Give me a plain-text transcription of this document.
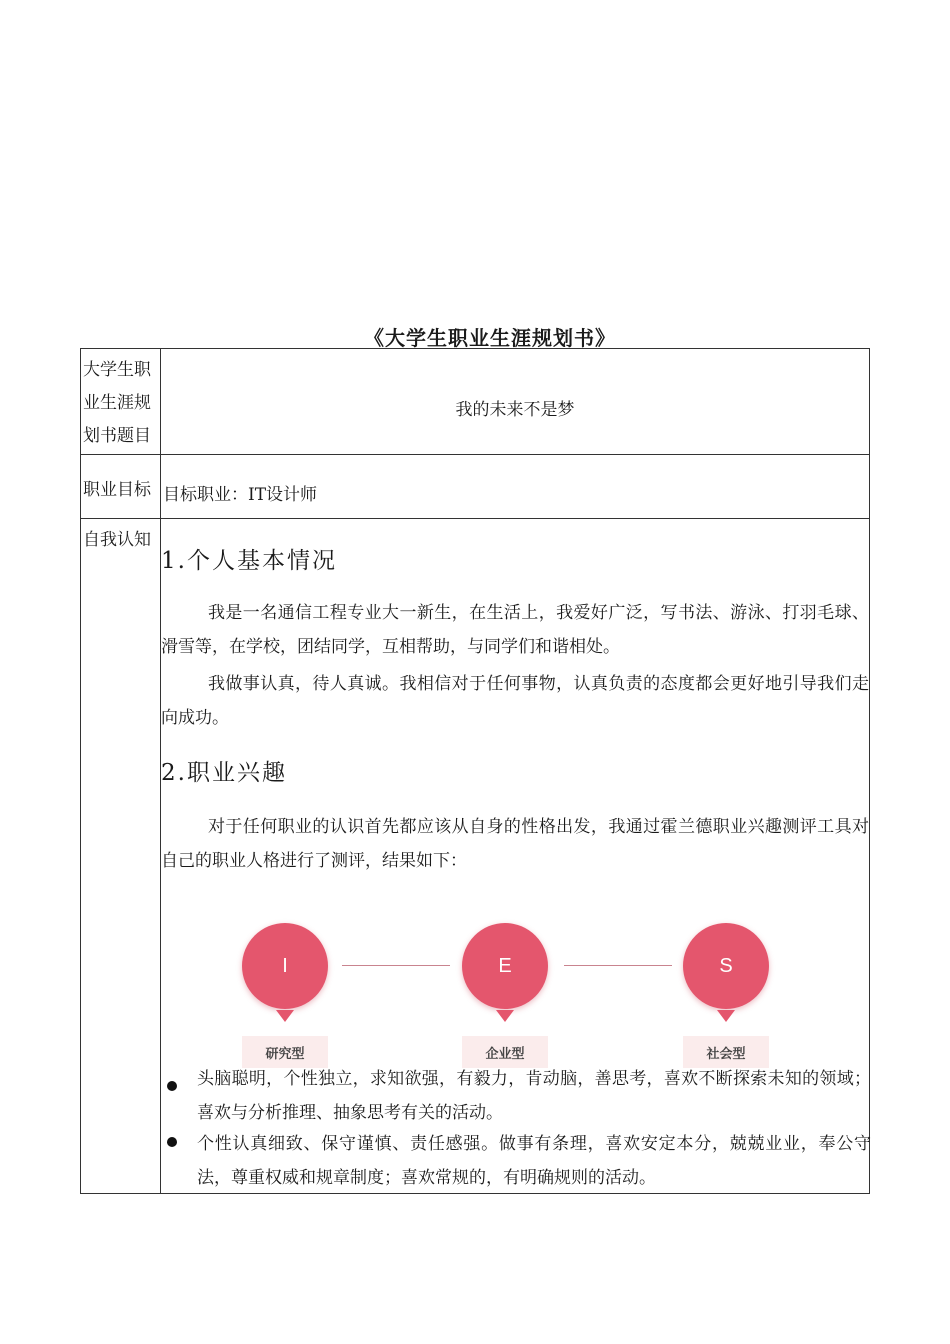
《大学生职业生涯规划书》
大学生职业生涯规划书题目
我的未来不是梦
职业目标 目标职业：IT设计师
自我认知
1.个人基本情况
我是一名通信工程专业大一新生，在生活上，我爱好广泛，写书法、游泳、打羽毛球、滑雪等，在学校，团结同学，互相帮助，与同学们和谐相处。
我做事认真，待人真诚。我相信对于任何事物，认真负责的态度都会更好地引导我们走向成功。
2.职业兴趣
对于任何职业的认识首先都应该从自身的性格出发，我通过霍兰德职业兴趣测评工具对自己的职业人格进行了测评，结果如下：
头脑聪明，个性独立，求知欲强，有毅力，肯动脑，善思考，喜欢不断探索未知的领域；喜欢与分析推理、抽象思考有关的活动。
个性认真细致、保守谨慎、责任感强。做事有条理，喜欢安定本分，兢兢业业，奉公守法，尊重权威和规章制度；喜欢常规的，有明确规则的活动。
I
研究型
E
企业型
S
社会型
